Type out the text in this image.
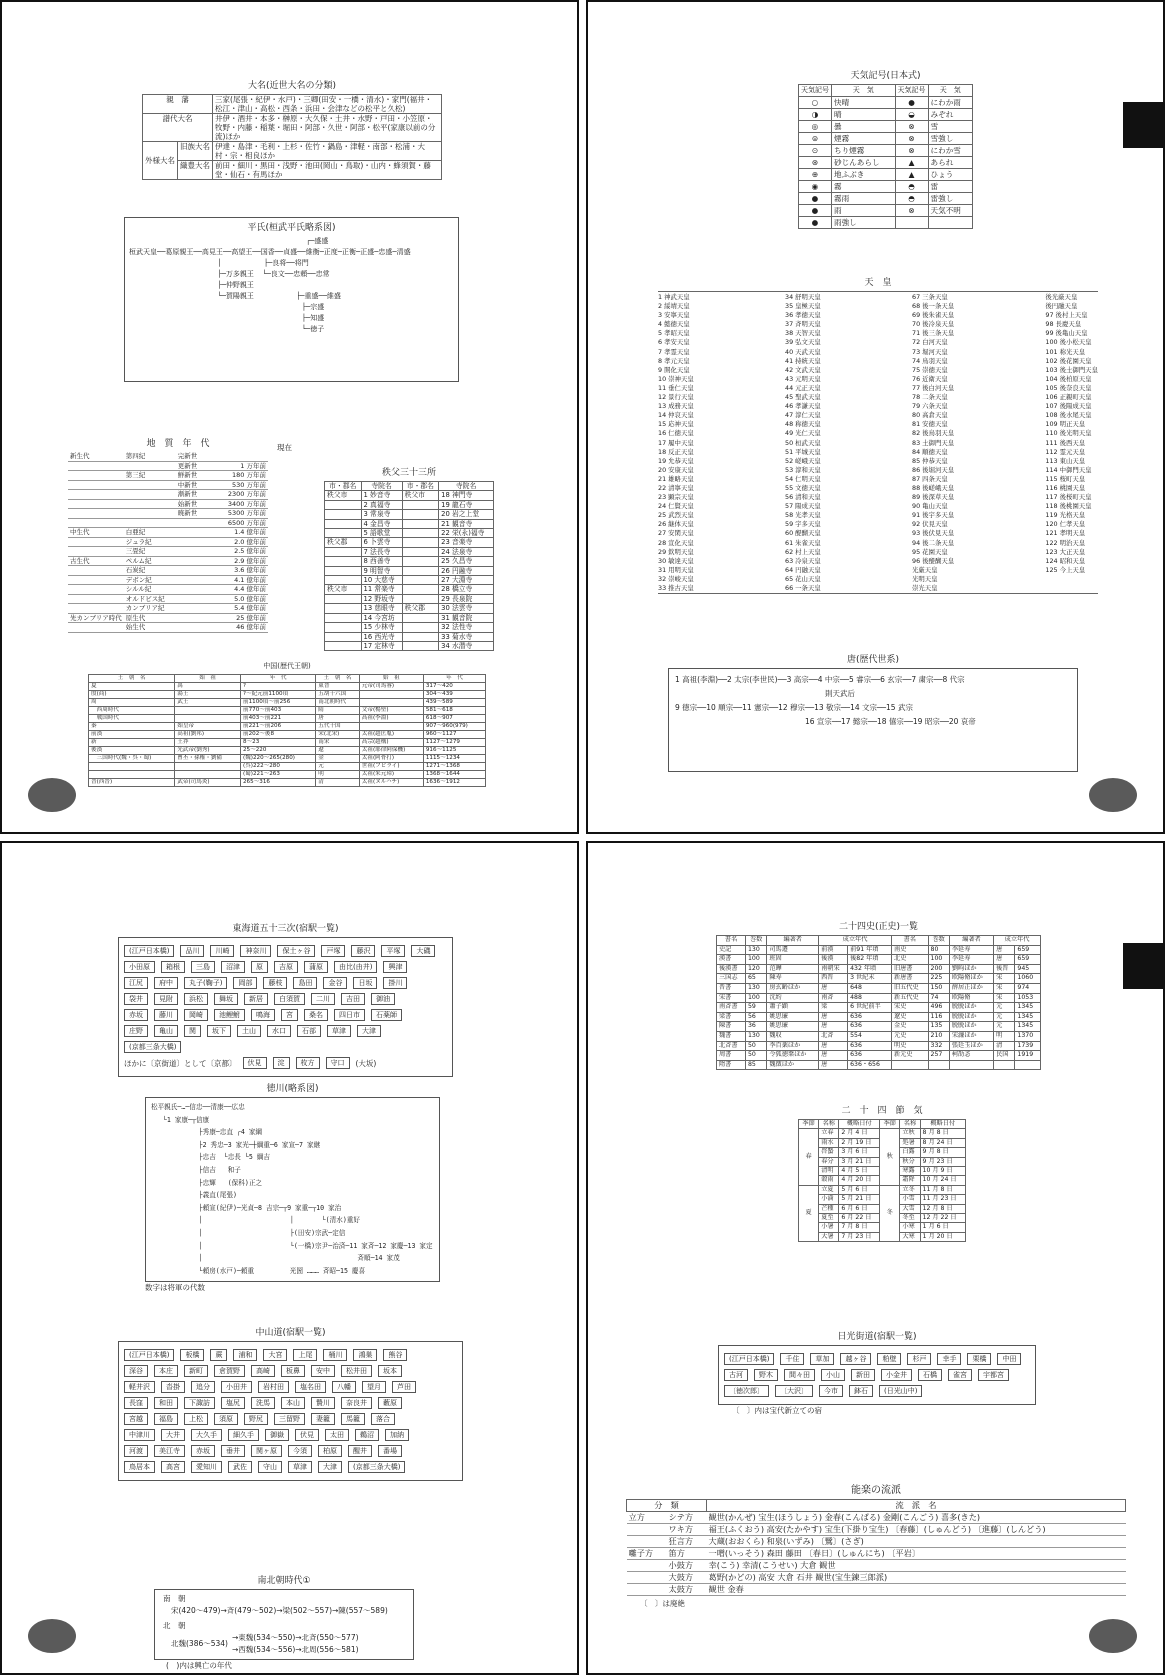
大名(近世大名の分類)
親　藩		三家(尾張・紀伊・水戸)・三卿(田安・一橋・清水)・家門(福井・松江・津山・高松・西条・浜田・会津などの松平と久松)
譜代大名		井伊・酒井・本多・榊原・大久保・土井・水野・戸田・小笠原・牧野・内藤・稲葉・堀田・阿部・久世・阿部・松平(家康以前の分流)ほか
外様大名	旧族大名	伊達・島津・毛利・上杉・佐竹・鍋島・津軽・南部・松浦・大村・宗・相良ほか
	織豊大名	前田・細川・黒田・浅野・池田(岡山・鳥取)・山内・蜂須賀・藤堂・仙石・有馬ほか
平氏(桓武平氏略系図)
┌─盛盛
桓武天皇──葛原親王──高見王──高望王──国香──貞盛──維衡─正度─正衡─正盛─忠盛─清盛
│          ├─良将──将門
├─万多親王  └─良文──忠頼──忠常
├─仲野親王
└─賀陽親王          ├─重盛──維盛
├─宗盛
├─知盛
└─徳子
地　質　年　代	現在
新生代	第四紀	完新世	
		更新世	1 万年前
	第三紀	鮮新世	180 万年前
		中新世	530 万年前
		漸新世	2300 万年前
		始新世	3400 万年前
		暁新世	5300 万年前
			6500 万年前
中生代	白亜紀		1.4 億年前
	ジュラ紀		2.0 億年前
	三畳紀		2.5 億年前
古生代	ペルム紀		2.9 億年前
	石炭紀		3.6 億年前
	デボン紀		4.1 億年前
	シルル紀		4.4 億年前
	オルドビス紀		5.0 億年前
	カンブリア紀		5.4 億年前
先カンブリア時代	原生代		25 億年前
	始生代		46 億年前
秩父三十三所
市・郡名	寺院名	市・郡名	寺院名
秩父市	1 妙音寺	秩父市	18 神門寺
	2 真福寺		19 龍石寺
	3 常泉寺		20 岩之上堂
	4 金昌寺		21 観音寺
	5 語歌堂		22 栄(永)福寺
秩父郡	6 卜雲寺		23 音楽寺
	7 法長寺		24 法泉寺
	8 西善寺		25 久昌寺
	9 明智寺		26 円融寺
	10 大慈寺		27 大淵寺
秩父市	11 常楽寺		28 橋立寺
	12 野坂寺		29 長泉院
	13 慈眼寺	秩父郡	30 法雲寺
	14 今宮坊		31 観音院
	15 少林寺		32 法性寺
	16 西光寺		33 菊水寺
	17 定林寺		34 水潜寺
中国(歴代王朝)
王　朝　名	始　祖	年　代	王　朝　名	始　祖	年　代
夏	禹	?	東晋	元帝(司馬睿)	317〜420
殷(商)	湯王	?〜紀元前1100頃	五胡十六国		304〜439
周	武王	前1100頃〜前256	南北朝時代		439〜589
　西周時代		前770〜前403	隋	文帝(楊堅)	581〜618
　戦国時代		前403〜前221	唐	高祖(李淵)	618〜907
秦	始皇帝	前221〜前206	五代十国		907〜960(979)
前漢	高祖(劉邦)	前202〜後8	宋(北宋)	太祖(趙匡胤)	960〜1127
新	王莽	8〜23	南宋	高宗(趙構)	1127〜1279
後漢	光武帝(劉秀)	25〜220	遼	太祖(耶律阿保機)	916〜1125
　三国時代(魏・呉・蜀)	曹丕・孫権・劉備	(魏)220〜265(280)	金	太祖(阿骨打)	1115〜1234
		(呉)222〜280	元	世祖(フビライ)	1271〜1368
		(蜀)221〜263	明	太祖(朱元璋)	1368〜1644
晋(西晋)	武帝(司馬炎)	265〜316	清	太祖(ヌルハチ)	1636〜1912
天気記号(日本式)
天気記号	天　気	天気記号	天　気
○	快晴	●	にわか雨
◑	晴	◒	みぞれ
◎	曇	⊗	雪
⊜	煙霧	⊗	雪強し
⊙	ちり煙霧	⊗	にわか雪
⊛	砂じんあらし	▲	あられ
⊕	地ふぶき	▲	ひょう
◉	霧	◓	雷
●	霧雨	◓	雷強し
●	雨	⊗	天気不明
●	雨強し		
天　皇
1 神武天皇
2 綏靖天皇
3 安寧天皇
4 懿徳天皇
5 孝昭天皇
6 孝安天皇
7 孝霊天皇
8 孝元天皇
9 開化天皇
10 崇神天皇
11 垂仁天皇
12 景行天皇
13 成務天皇
14 仲哀天皇
15 応神天皇
16 仁徳天皇
17 履中天皇
18 反正天皇
19 允恭天皇
20 安康天皇
21 雄略天皇
22 清寧天皇
23 顕宗天皇
24 仁賢天皇
25 武烈天皇
26 継体天皇
27 安閑天皇
28 宣化天皇
29 欽明天皇
30 敏達天皇
31 用明天皇
32 崇峻天皇
33 推古天皇
34 舒明天皇
35 皇極天皇
36 孝徳天皇
37 斉明天皇
38 天智天皇
39 弘文天皇
40 天武天皇
41 持統天皇
42 文武天皇
43 元明天皇
44 元正天皇
45 聖武天皇
46 孝謙天皇
47 淳仁天皇
48 称徳天皇
49 光仁天皇
50 桓武天皇
51 平城天皇
52 嵯峨天皇
53 淳和天皇
54 仁明天皇
55 文徳天皇
56 清和天皇
57 陽成天皇
58 光孝天皇
59 宇多天皇
60 醍醐天皇
61 朱雀天皇
62 村上天皇
63 冷泉天皇
64 円融天皇
65 花山天皇
66 一条天皇
67 三条天皇
68 後一条天皇
69 後朱雀天皇
70 後冷泉天皇
71 後三条天皇
72 白河天皇
73 堀河天皇
74 鳥羽天皇
75 崇徳天皇
76 近衛天皇
77 後白河天皇
78 二条天皇
79 六条天皇
80 高倉天皇
81 安徳天皇
82 後鳥羽天皇
83 土御門天皇
84 順徳天皇
85 仲恭天皇
86 後堀河天皇
87 四条天皇
88 後嵯峨天皇
89 後深草天皇
90 亀山天皇
91 後宇多天皇
92 伏見天皇
93 後伏見天皇
94 後二条天皇
95 花園天皇
96 後醍醐天皇
光厳天皇
光明天皇
崇光天皇
後光厳天皇
後円融天皇
97 後村上天皇
98 長慶天皇
99 後亀山天皇
100 後小松天皇
101 称光天皇
102 後花園天皇
103 後土御門天皇
104 後柏原天皇
105 後奈良天皇
106 正親町天皇
107 後陽成天皇
108 後水尾天皇
109 明正天皇
110 後光明天皇
111 後西天皇
112 霊元天皇
113 東山天皇
114 中御門天皇
115 桜町天皇
116 桃園天皇
117 後桜町天皇
118 後桃園天皇
119 光格天皇
120 仁孝天皇
121 孝明天皇
122 明治天皇
123 大正天皇
124 昭和天皇
125 今上天皇
唐(歴代世系)
1 高祖(李淵)──2 太宗(李世民)──3 高宗──4 中宗──5 睿宗──6 玄宗──7 粛宗──8 代宗
則天武后
9 徳宗──10 順宗──11 憲宗──12 穆宗──13 敬宗──14 文宗──15 武宗
16 宣宗──17 懿宗──18 僖宗──19 昭宗──20 哀帝
東海道五十三次(宿駅一覧)
(江戸日本橋)	品川	川崎	神奈川	保土ヶ谷	戸塚	藤沢	平塚	大磯
小田原	箱根	三島	沼津	原	吉原	蒲原	由比(由井)	興津
江尻	府中	丸子(鞠子)	岡部	藤枝	島田	金谷	日坂	掛川
袋井	見附	浜松	舞坂	新居	白須賀	二川	吉田	御油
赤坂	藤川	岡崎	池鯉鮒	鳴海	宮	桑名	四日市	石薬師
庄野	亀山	関	坂下	土山	水口	石部	草津	大津
(京都三条大橋)
ほかに〔京街道〕として〔京都〕	伏見	淀	枚方	守口	(大坂)
徳川(略系図)
松平親氏─…─信忠──清康──広忠
└1 家康─┬信康
├秀康─忠直 ┌4 家綱
├2 秀忠─3 家光─┼綱重─6 家宣─7 家継
├忠吉  └忠長 └5 綱吉
├信吉   和子
├忠輝   (保科)正之
├義直(尾張)
├頼宣(紀伊)─光貞─8 吉宗─┬9 家重─┬10 家治
│                      │       └(清水)重好
│                      ├(田安)宗武─定信
│                      └(一橋)宗尹─治済─11 家斉─12 家慶─13 家定
│                                       斉順─14 家茂
└頼房(水戸)─頼重         光圀 ……… 斉昭─15 慶喜
数字は将軍の代数
中山道(宿駅一覧)
(江戸日本橋)	板橋	蕨	浦和	大宮	上尾	桶川	鴻巣	熊谷
深谷	本庄	新町	倉賀野	高崎	板鼻	安中	松井田	坂本
軽井沢	沓掛	追分	小田井	岩村田	塩名田	八幡	望月	芦田
長窪	和田	下諏訪	塩尻	洗馬	本山	贄川	奈良井	藪原
宮越	福島	上松	須原	野尻	三留野	妻籠	馬籠	落合
中津川	大井	大久手	細久手	御嶽	伏見	太田	鵜沼	加納
河渡	美江寺	赤坂	垂井	関ヶ原	今須	柏原	醒井	番場
鳥居本	高宮	愛知川	武佐	守山	草津	大津	(京都三条大橋)
南北朝時代①
南　朝
宋(420〜479)→斉(479〜502)→梁(502〜557)→陳(557〜589)
北　朝
北魏(386〜534)
→東魏(534〜550)→北斉(550〜577)
→西魏(534〜556)→北周(556〜581)
(　)内は興亡の年代
二十四史(正史)一覧
書名	巻数	編著者	成立年代		書名	巻数	編著者	成立年代	
史記	130	司馬遷	前漢	前91 年頃	南史	80	李延寿	唐	659
漢書	100	班固	後漢	後82 年頃	北史	100	李延寿	唐	659
後漢書	120	范曄	南朝宋	432 年頃	旧唐書	200	劉昫ほか	後晋	945
三国志	65	陳寿	西晋	3 世紀末	新唐書	225	欧陽脩ほか	宋	1060
晋書	130	房玄齢ほか	唐	648	旧五代史	150	薛居正ほか	宋	974
宋書	100	沈約	南斉	488	新五代史	74	欧陽脩	宋	1053
南斉書	59	蕭子顕	梁	6 世紀前半	宋史	496	脱脱ほか	元	1345
梁書	56	姚思廉	唐	636	遼史	116	脱脱ほか	元	1345
陳書	36	姚思廉	唐	636	金史	135	脱脱ほか	元	1345
魏書	130	魏収	北斉	554	元史	210	宋濂ほか	明	1370
北斉書	50	李百薬ほか	唐	636	明史	332	張廷玉ほか	清	1739
周書	50	令狐徳棻ほか	唐	636	新元史	257	柯劭忞	民国	1919
隋書	85	魏徴ほか	唐	636・656					
二　十　四　節　気
季節	名称	概略日付	季節	名称	概略日付
春	立春	2 月 4 日	秋	立秋	8 月 8 日
	雨水	2 月 19 日		処暑	8 月 24 日
	啓蟄	3 月 6 日		白露	9 月 8 日
	春分	3 月 21 日		秋分	9 月 23 日
	清明	4 月 5 日		寒露	10 月 9 日
	穀雨	4 月 20 日		霜降	10 月 24 日
夏	立夏	5 月 6 日	冬	立冬	11 月 8 日
	小満	5 月 21 日		小雪	11 月 23 日
	芒種	6 月 6 日		大雪	12 月 8 日
	夏至	6 月 22 日		冬至	12 月 22 日
	小暑	7 月 8 日		小寒	1 月 6 日
	大暑	7 月 23 日		大寒	1 月 20 日
日光街道(宿駅一覧)
(江戸日本橋)	千住	草加	越ヶ谷	粕壁	杉戸	幸手	栗橋	中田
古河	野木	間々田	小山	新田	小金井	石橋	雀宮	宇都宮
〔徳次郎〕	〔大沢〕	今市	鉢石	(日光山中)
〔　〕内は宝代新立ての宿
能楽の流派
分　類		流　派　名
立方	シテ方	観世(かんぜ) 宝生(ほうしょう) 金春(こんぱる) 金剛(こんごう) 喜多(きた)
	ワキ方	福王(ふくおう) 高安(たかやす) 宝生(下掛り宝生) 〔春藤〕(しゅんどう) 〔進藤〕(しんどう)
	狂言方	大蔵(おおくら) 和泉(いずみ) 〔鷺〕(さぎ)
囃子方	笛方	一噌(いっそう) 森田 藤田 〔春日〕(しゅんにち) 〔平岩〕
	小鼓方	幸(こう) 幸清(こうせい) 大倉 観世
	大鼓方	葛野(かどの) 高安 大倉 石井 観世(宝生錬三郎派)
	太鼓方	観世 金春
〔　〕は廃絶
